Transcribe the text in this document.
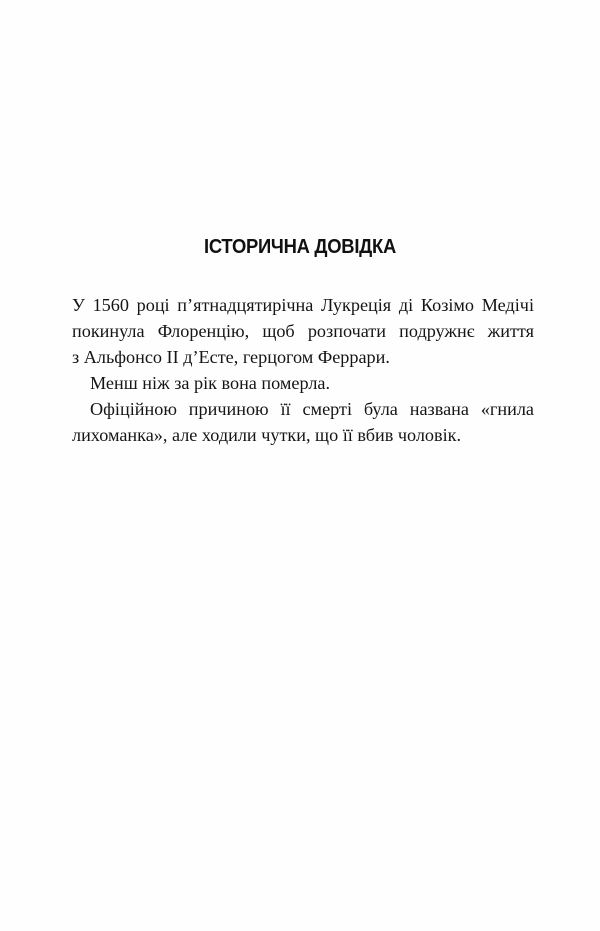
ІСТОРИЧНА ДОВІДКА

У 1560 році п’ятнадцятирічна Лукреція ді Козімо Медічі
покинула Флоренцію, щоб розпочати подружнє життя
з Альфонсо ІІ д’Есте, герцогом Феррари.

Менш ніж за рік вона померла.

Офіційною причиною її смерті була названа «гнила
лихоманка», але ходили чутки, що її вбив чоловік.
